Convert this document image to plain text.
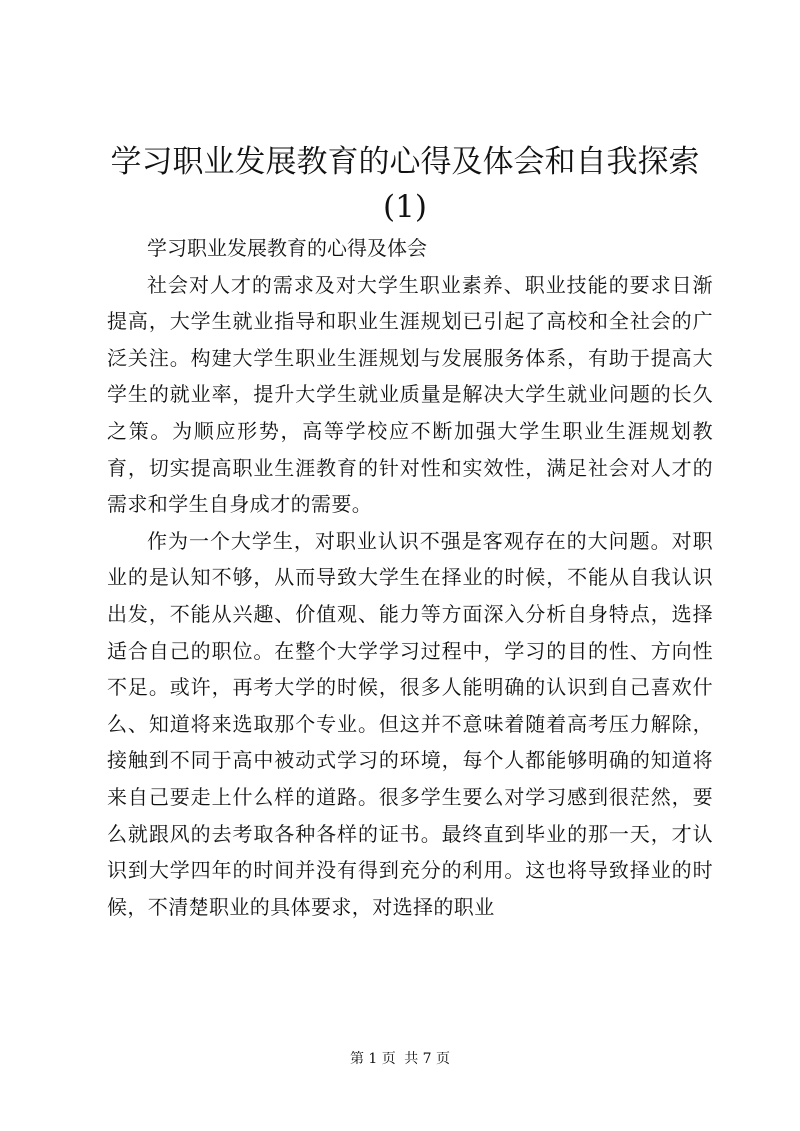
学习职业发展教育的心得及体会和自我探索(1)

学习职业发展教育的心得及体会

社会对人才的需求及对大学生职业素养、职业技能的要求日渐提高，大学生就业指导和职业生涯规划已引起了高校和全社会的广泛关注。构建大学生职业生涯规划与发展服务体系，有助于提高大学生的就业率，提升大学生就业质量是解决大学生就业问题的长久之策。为顺应形势，高等学校应不断加强大学生职业生涯规划教育，切实提高职业生涯教育的针对性和实效性，满足社会对人才的需求和学生自身成才的需要。

作为一个大学生，对职业认识不强是客观存在的大问题。对职业的是认知不够，从而导致大学生在择业的时候，不能从自我认识出发，不能从兴趣、价值观、能力等方面深入分析自身特点，选择适合自己的职位。在整个大学学习过程中，学习的目的性、方向性不足。或许，再考大学的时候，很多人能明确的认识到自己喜欢什么、知道将来选取那个专业。但这并不意味着随着高考压力解除，接触到不同于高中被动式学习的环境，每个人都能够明确的知道将来自己要走上什么样的道路。很多学生要么对学习感到很茫然，要么就跟风的去考取各种各样的证书。最终直到毕业的那一天，才认识到大学四年的时间并没有得到充分的利用。这也将导致择业的时候，不清楚职业的具体要求，对选择的职业

第 1 页 共 7 页
